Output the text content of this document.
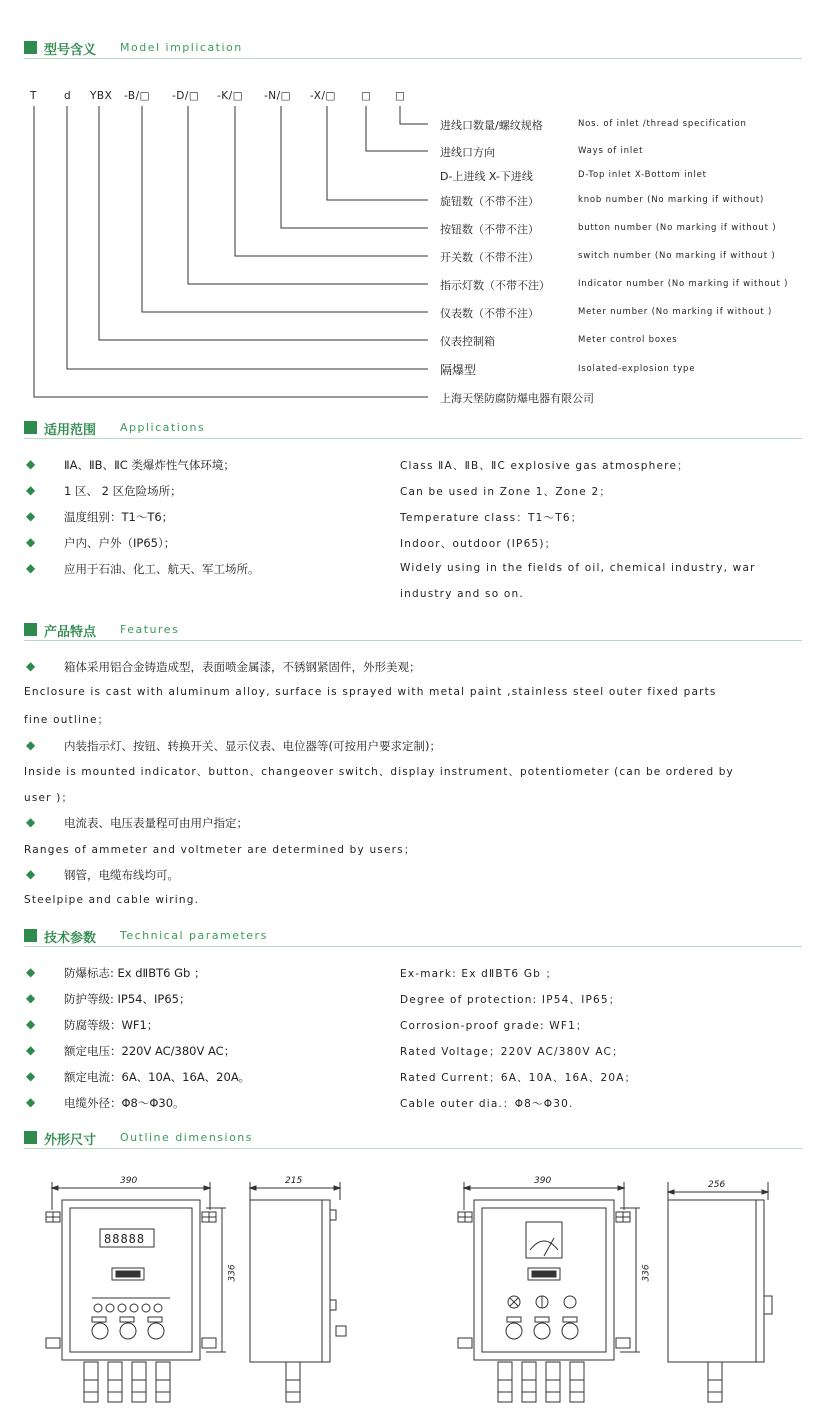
型号含义 Model implication
T	d YBX -B/□ -D/□ -K/□ -N/□ -X/□ □ □
进线口数量/螺纹规格	Nos. of inlet /thread specification
进线口方向	Ways of inlet
D-上进线 X-下进线	D-Top inlet X-Bottom inlet
旋钮数（不带不注）	knob number (No marking if without)
按钮数（不带不注）	button number (No marking if without )
开关数（不带不注）	switch number (No marking if without )
指示灯数（不带不注）	Indicator number (No marking if without )
仪表数（不带不注）	Meter number (No marking if without )
仪表控制箱	Meter control boxes
隔爆型	Isolated-explosion type
上海天堡防腐防爆电器有限公司
适用范围 Applications
◆	ⅡA、ⅡB、ⅡC 类爆炸性气体环境；	Class ⅡA、ⅡB、ⅡC explosive gas atmosphere；
◆	1 区、 2 区危险场所；	Can be used in Zone 1、Zone 2；
◆	温度组别：T1～T6；	Temperature class：T1～T6；
◆	户内、户外（IP65）；	Indoor、outdoor (IP65)；
◆	应用于石油、化工、航天、军工场所。	Widely using in the fields of oil, chemical industry, war
industry and so on.
产品特点 Features
◆	箱体采用铝合金铸造成型，表面喷金属漆，不锈钢紧固件，外形美观；
Enclosure is cast with aluminum alloy, surface is sprayed with metal paint ,stainless steel outer fixed parts
fine outline；
◆	内装指示灯、按钮、转换开关、显示仪表、电位器等(可按用户要求定制)；
Inside is mounted indicator、button、changeover switch、display instrument、potentiometer (can be ordered by
user )；
◆	电流表、电压表量程可由用户指定；
Ranges of ammeter and voltmeter are determined by users；
◆	钢管，电缆布线均可。
Steelpipe and cable wiring.
技术参数 Technical parameters
◆	防爆标志: Ex dⅡBT6 Gb ；	Ex-mark: Ex dⅡBT6 Gb ；
◆	防护等级: IP54、IP65；	Degree of protection: IP54、IP65；
◆	防腐等级：WF1；	Corrosion-proof grade: WF1；
◆	额定电压：220V AC/380V AC；	Rated Voltage；220V AC/380V AC；
◆	额定电流：6A、10A、16A、20A。	Rated Current；6A、10A、16A、20A；
◆	电缆外径：Φ8～Φ30。	Cable outer dia.：Φ8～Φ30.
外形尺寸 Outline dimensions
390
336
215
88888
390
336
256
